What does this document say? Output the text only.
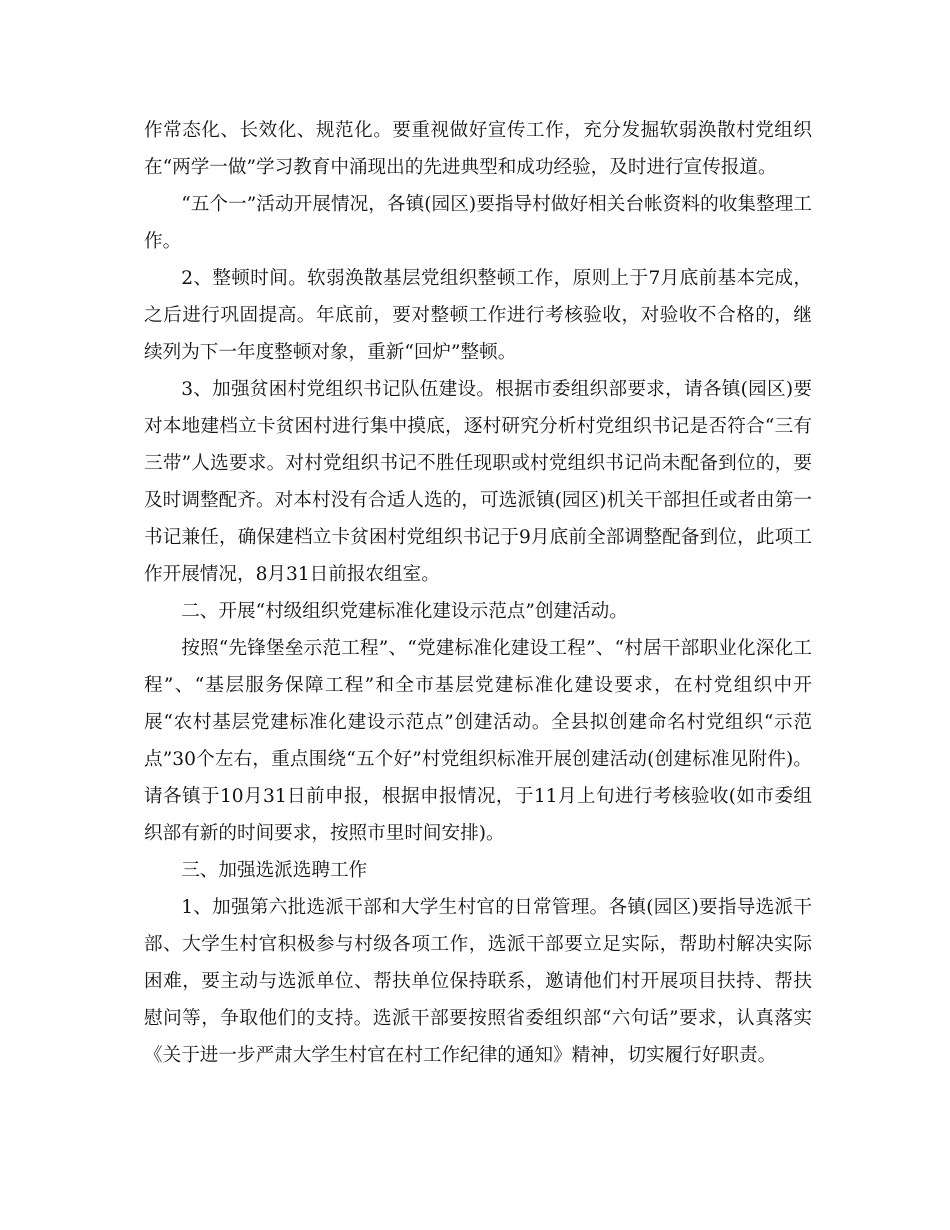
作常态化、长效化、规范化。要重视做好宣传工作，充分发掘软弱涣散村党组织在“两学一做”学习教育中涌现出的先进典型和成功经验，及时进行宣传报道。

“五个一”活动开展情况，各镇(园区)要指导村做好相关台帐资料的收集整理工作。

2、整顿时间。软弱涣散基层党组织整顿工作，原则上于7月底前基本完成，之后进行巩固提高。年底前，要对整顿工作进行考核验收，对验收不合格的，继续列为下一年度整顿对象，重新“回炉”整顿。

3、加强贫困村党组织书记队伍建设。根据市委组织部要求，请各镇(园区)要对本地建档立卡贫困村进行集中摸底，逐村研究分析村党组织书记是否符合“三有三带”人选要求。对村党组织书记不胜任现职或村党组织书记尚未配备到位的，要及时调整配齐。对本村没有合适人选的，可选派镇(园区)机关干部担任或者由第一书记兼任，确保建档立卡贫困村党组织书记于9月底前全部调整配备到位，此项工作开展情况，8月31日前报农组室。

二、开展“村级组织党建标准化建设示范点”创建活动。

按照“先锋堡垒示范工程”、“党建标准化建设工程”、“村居干部职业化深化工程”、“基层服务保障工程”和全市基层党建标准化建设要求，在村党组织中开展“农村基层党建标准化建设示范点”创建活动。全县拟创建命名村党组织“示范点”30个左右，重点围绕“五个好”村党组织标准开展创建活动(创建标准见附件)。请各镇于10月31日前申报，根据申报情况，于11月上旬进行考核验收(如市委组织部有新的时间要求，按照市里时间安排)。

三、加强选派选聘工作

1、加强第六批选派干部和大学生村官的日常管理。各镇(园区)要指导选派干部、大学生村官积极参与村级各项工作，选派干部要立足实际，帮助村解决实际困难，要主动与选派单位、帮扶单位保持联系，邀请他们村开展项目扶持、帮扶慰问等，争取他们的支持。选派干部要按照省委组织部“六句话”要求，认真落实《关于进一步严肃大学生村官在村工作纪律的通知》精神，切实履行好职责。
